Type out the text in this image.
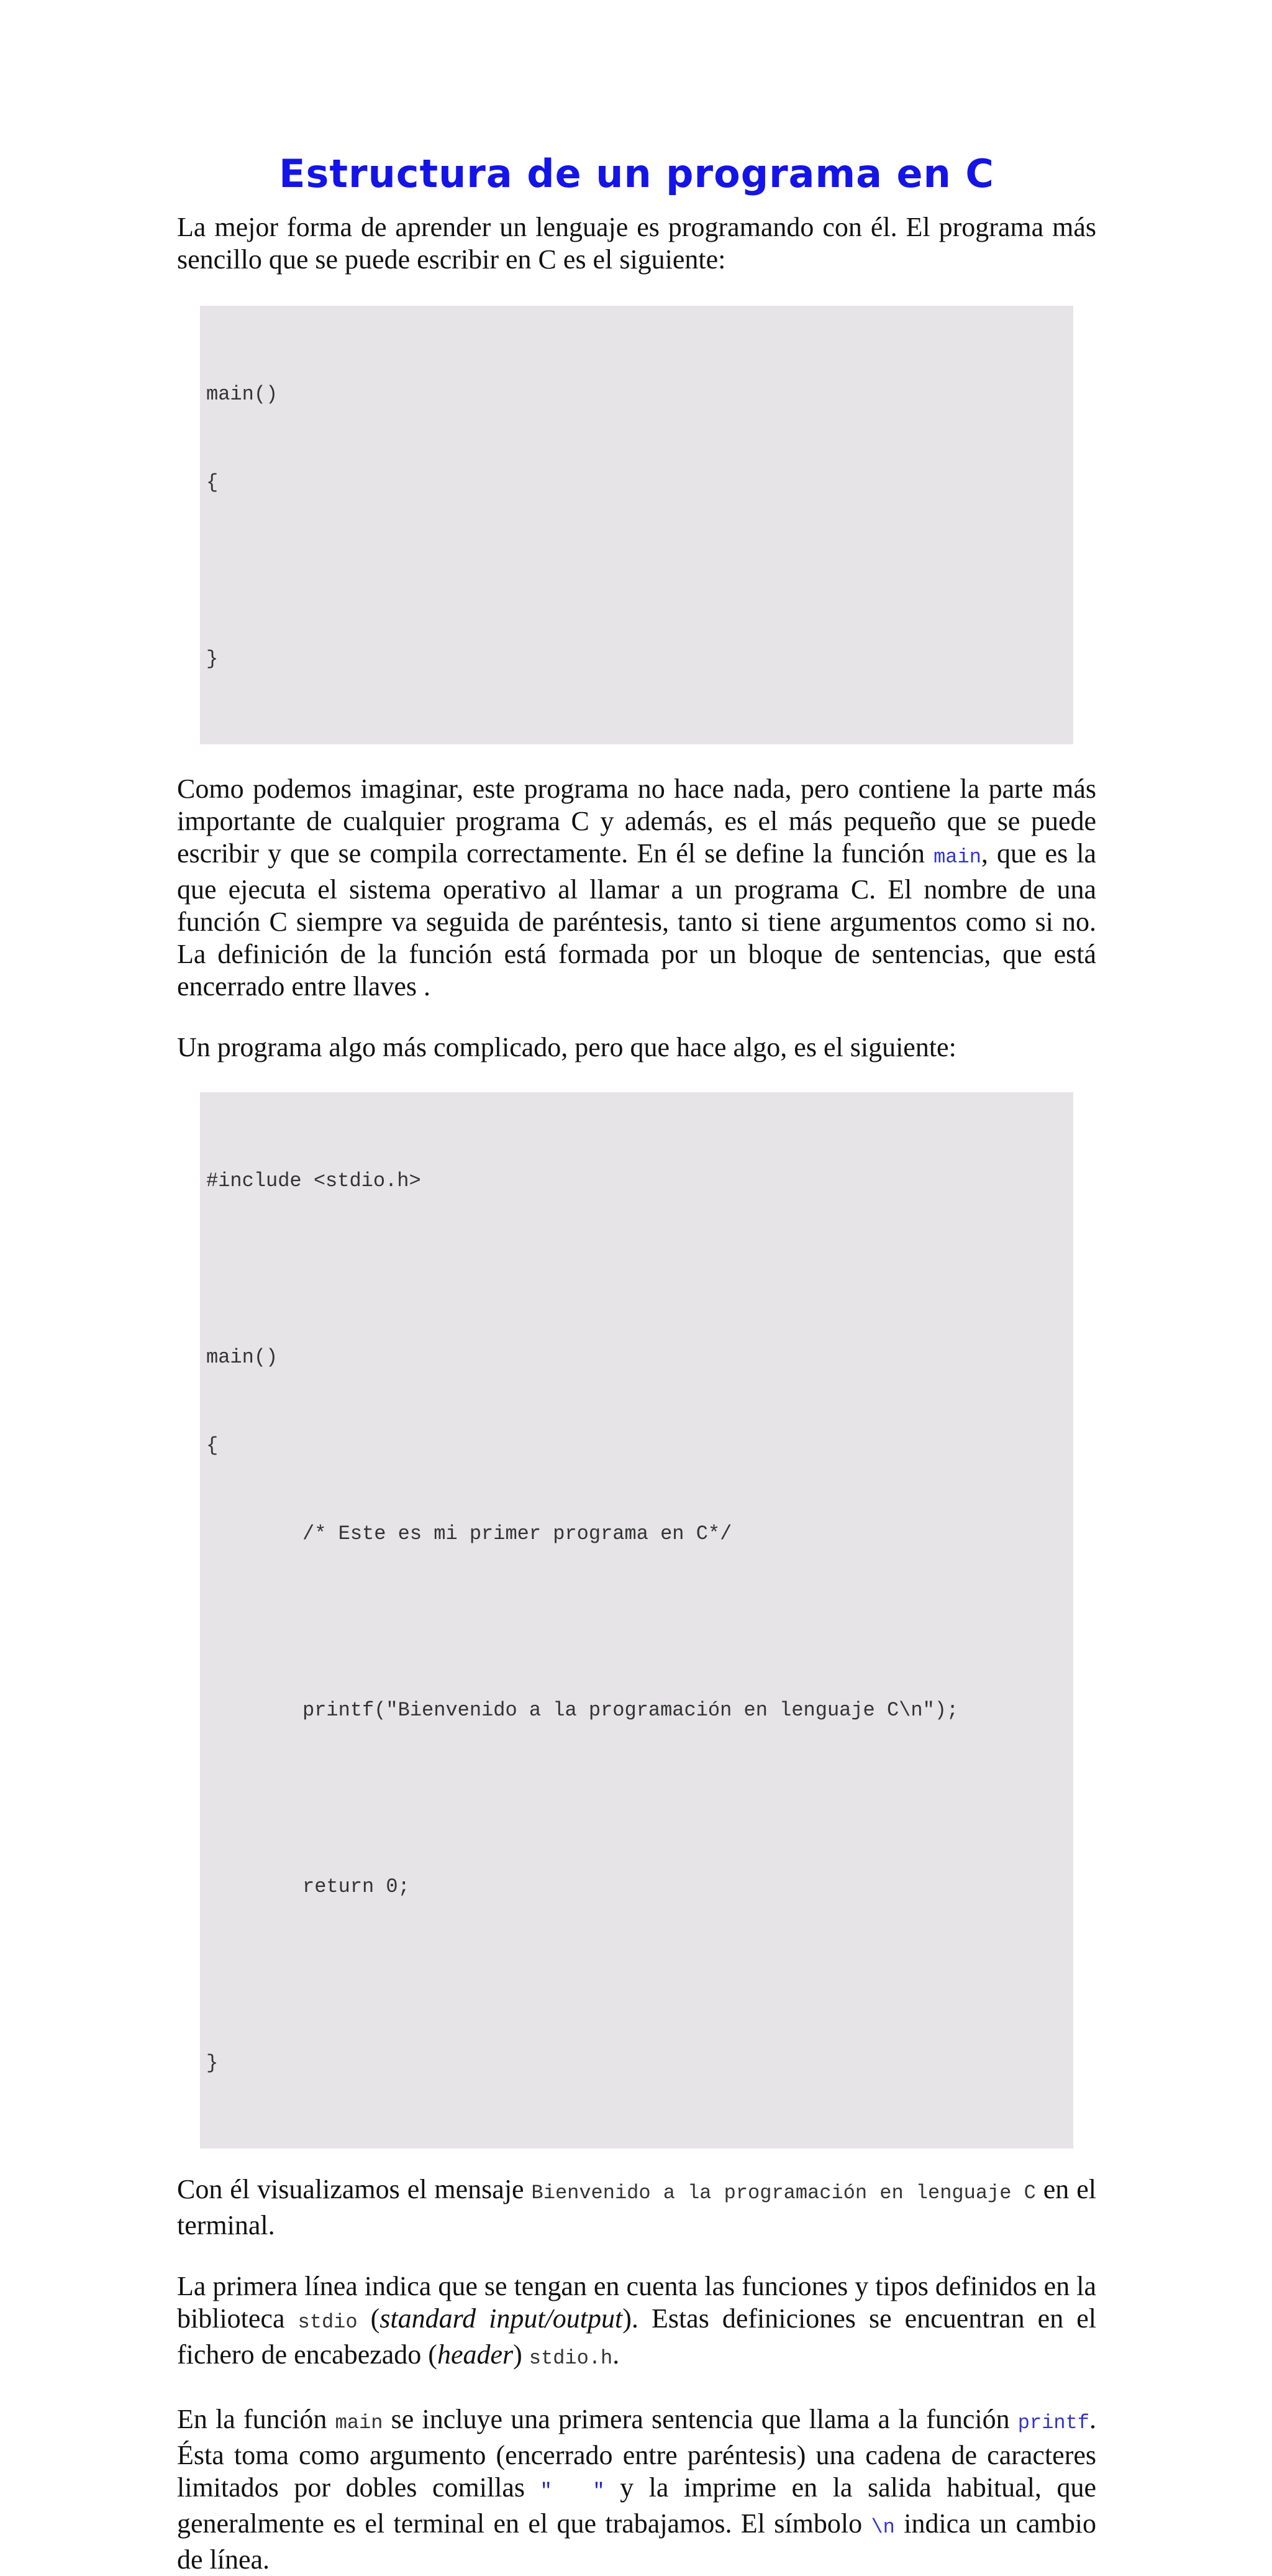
Estructura de un programa en C

La mejor forma de aprender un lenguaje es programando con él. El programa más sencillo que se puede escribir en C es el siguiente:

main()

{

}

Como podemos imaginar, este programa no hace nada, pero contiene la parte más importante de cualquier programa C y además, es el más pequeño que se puede escribir y que se compila correctamente. En él se define la función main, que es la que ejecuta el sistema operativo al llamar a un programa C. El nombre de una función C siempre va seguida de paréntesis, tanto si tiene argumentos como si no. La definición de la función está formada por un bloque de sentencias, que está encerrado entre llaves .

Un programa algo más complicado, pero que hace algo, es el siguiente:

#include <stdio.h>

main()

{

/* Este es mi primer programa en C*/

printf("Bienvenido a la programación en lenguaje C\n");

return 0;

}

Con él visualizamos el mensaje Bienvenido a la programación en lenguaje C en el terminal.

La primera línea indica que se tengan en cuenta las funciones y tipos definidos en la biblioteca stdio (standard input/output). Estas definiciones se encuentran en el fichero de encabezado (header) stdio.h.

En la función main se incluye una primera sentencia que llama a la función printf. Ésta toma como argumento (encerrado entre paréntesis) una cadena de caracteres limitados por dobles comillas "  " y la imprime en la salida habitual, que generalmente es el terminal en el que trabajamos. El símbolo \n indica un cambio de línea.
